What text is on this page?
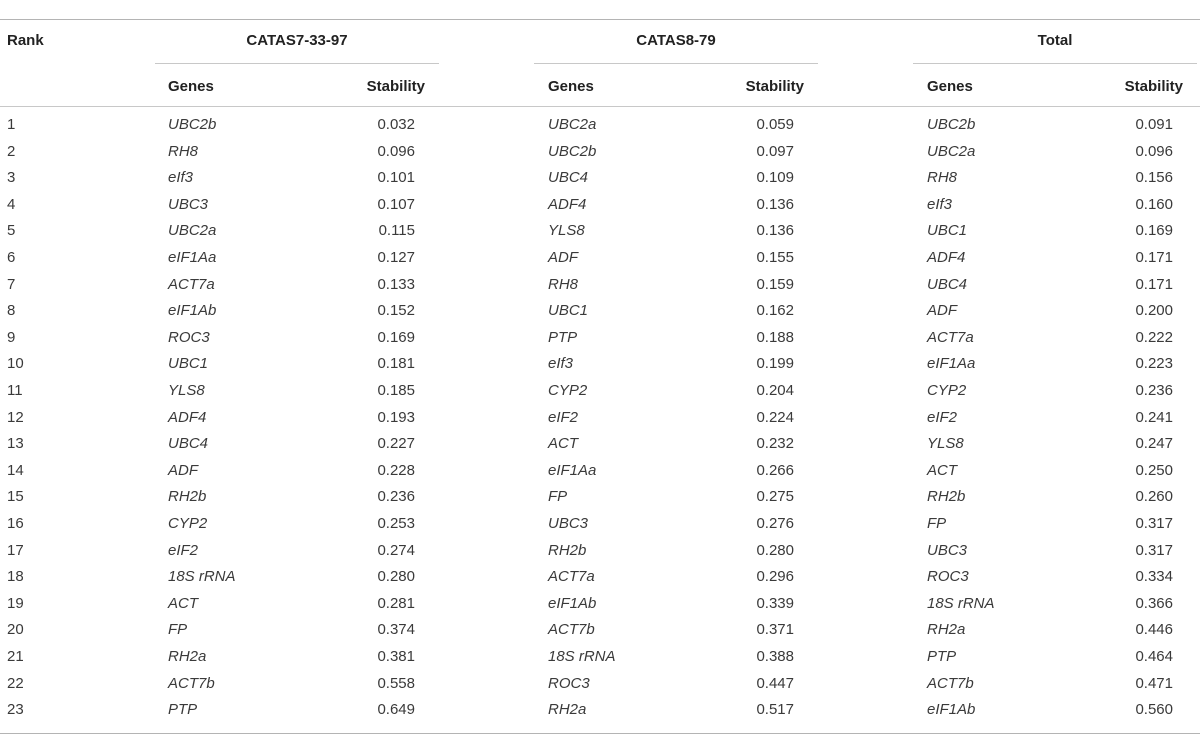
Rank	CATAS7-33-97	CATAS8-79	Total
Genes	Stability	Genes	Stability	Genes	Stability
1	UBC2b	0.032	UBC2a	0.059	UBC2b	0.091
2	RH8	0.096	UBC2b	0.097	UBC2a	0.096
3	eIf3	0.101	UBC4	0.109	RH8	0.156
4	UBC3	0.107	ADF4	0.136	eIf3	0.160
5	UBC2a	0.115	YLS8	0.136	UBC1	0.169
6	eIF1Aa	0.127	ADF	0.155	ADF4	0.171
7	ACT7a	0.133	RH8	0.159	UBC4	0.171
8	eIF1Ab	0.152	UBC1	0.162	ADF	0.200
9	ROC3	0.169	PTP	0.188	ACT7a	0.222
10	UBC1	0.181	eIf3	0.199	eIF1Aa	0.223
11	YLS8	0.185	CYP2	0.204	CYP2	0.236
12	ADF4	0.193	eIF2	0.224	eIF2	0.241
13	UBC4	0.227	ACT	0.232	YLS8	0.247
14	ADF	0.228	eIF1Aa	0.266	ACT	0.250
15	RH2b	0.236	FP	0.275	RH2b	0.260
16	CYP2	0.253	UBC3	0.276	FP	0.317
17	eIF2	0.274	RH2b	0.280	UBC3	0.317
18	18S rRNA	0.280	ACT7a	0.296	ROC3	0.334
19	ACT	0.281	eIF1Ab	0.339	18S rRNA	0.366
20	FP	0.374	ACT7b	0.371	RH2a	0.446
21	RH2a	0.381	18S rRNA	0.388	PTP	0.464
22	ACT7b	0.558	ROC3	0.447	ACT7b	0.471
23	PTP	0.649	RH2a	0.517	eIF1Ab	0.560
